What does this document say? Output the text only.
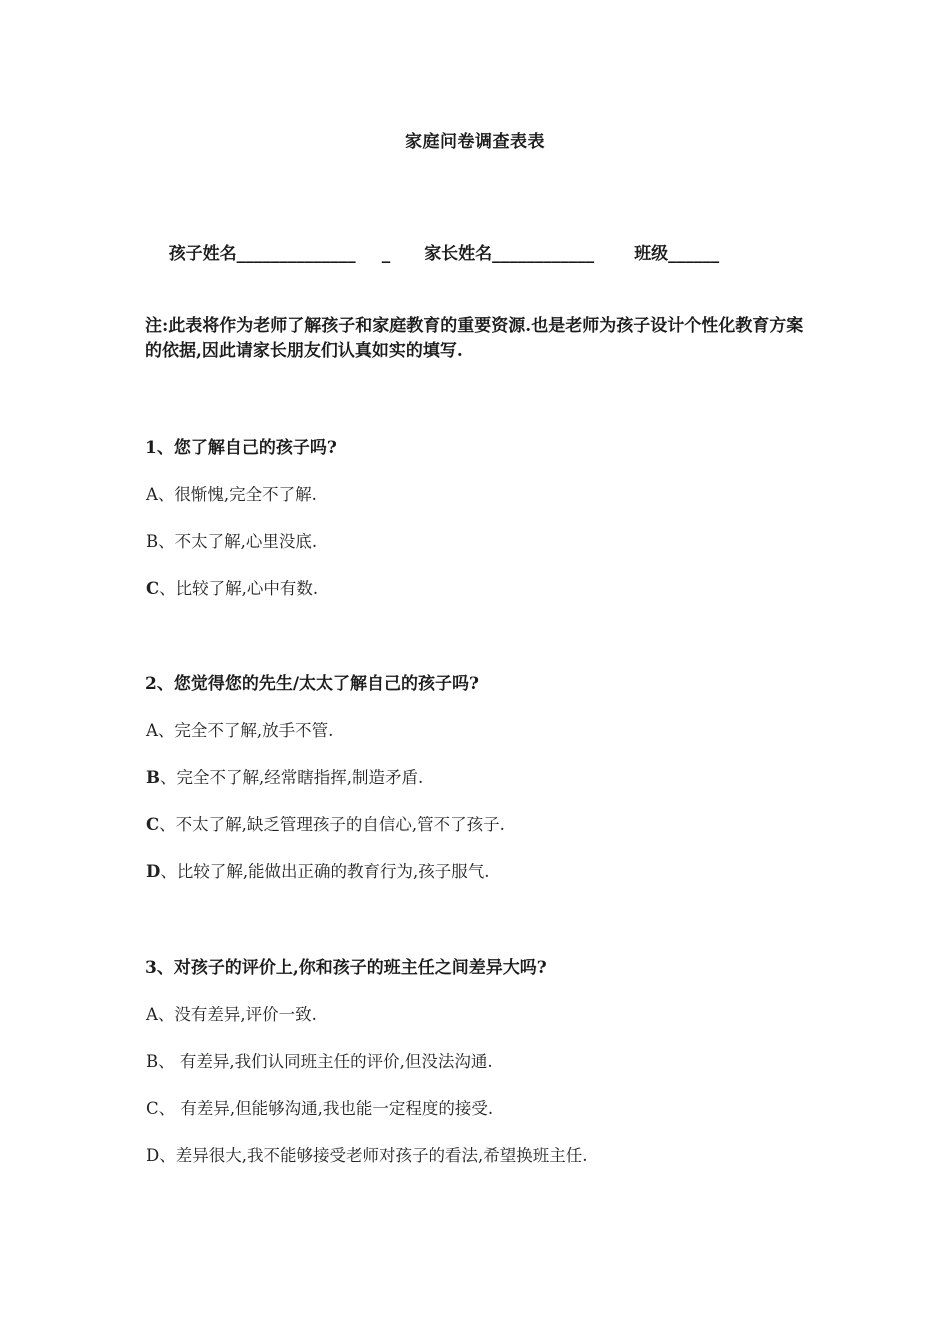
家庭问卷调查表表

孩子姓名______________ _ 家长姓名____________ 班级______

注:此表将作为老师了解孩子和家庭教育的重要资源.也是老师为孩子设计个性化教育方案的依据,因此请家长朋友们认真如实的填写.
1、您了解自己的孩子吗?
A、很惭愧,完全不了解.
B、不太了解,心里没底.
C、比较了解,心中有数.
2、您觉得您的先生/太太了解自己的孩子吗?
A、完全不了解,放手不管.
B、完全不了解,经常瞎指挥,制造矛盾.
C、不太了解,缺乏管理孩子的自信心,管不了孩子.
D、比较了解,能做出正确的教育行为,孩子服气.
3、对孩子的评价上,你和孩子的班主任之间差异大吗?
A、没有差异,评价一致.
B、 有差异,我们认同班主任的评价,但没法沟通.
C、 有差异,但能够沟通,我也能一定程度的接受.
D、差异很大,我不能够接受老师对孩子的看法,希望换班主任.
